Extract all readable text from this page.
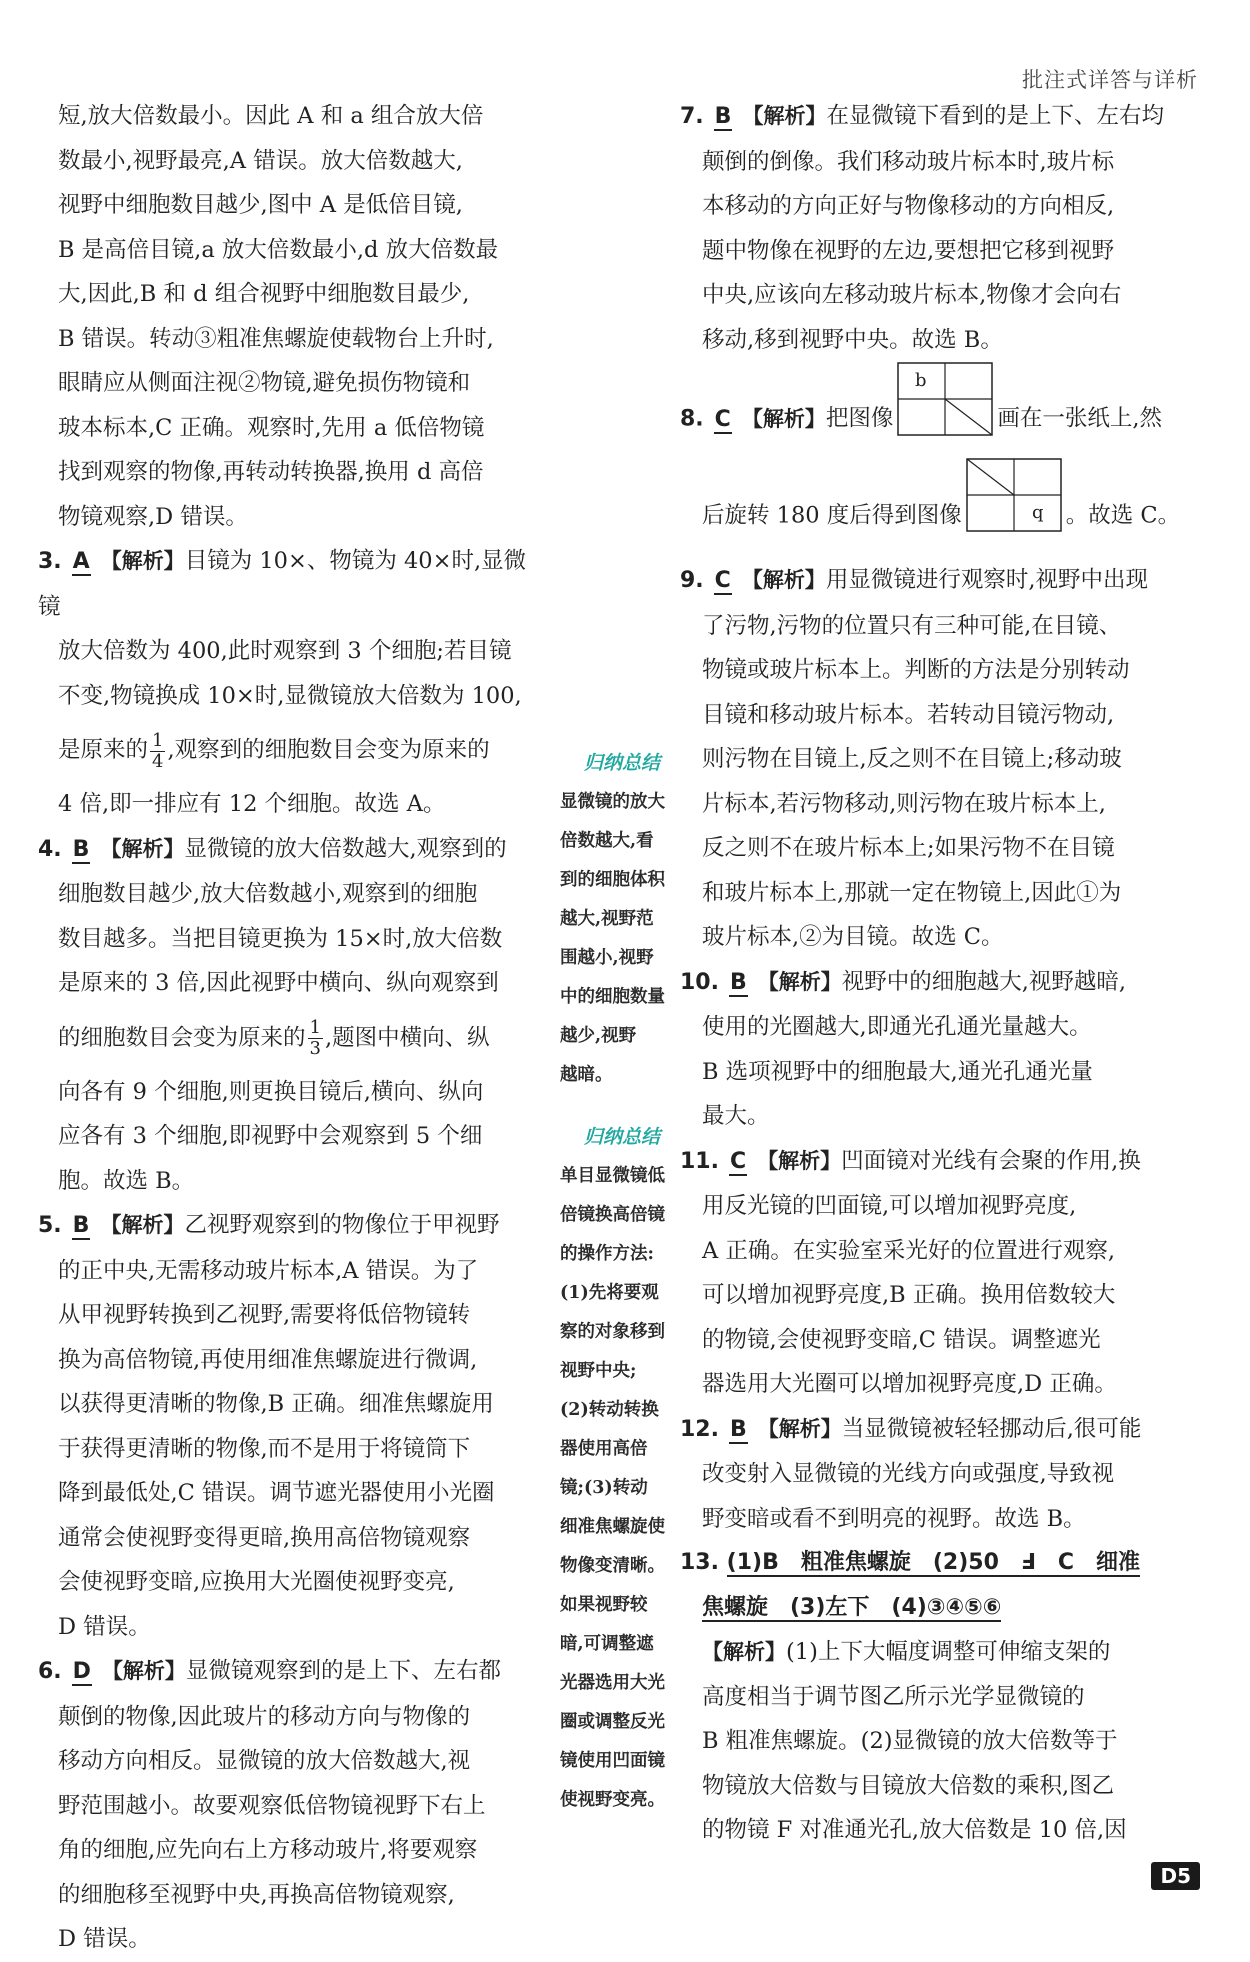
批注式详答与详析
短,放大倍数最小。因此 A 和 a 组合放大倍
数最小,视野最亮,A 错误。放大倍数越大,
视野中细胞数目越少,图中 A 是低倍目镜,
B 是高倍目镜,a 放大倍数最小,d 放大倍数最
大,因此,B 和 d 组合视野中细胞数目最少,
B 错误。转动③粗准焦螺旋使载物台上升时,
眼睛应从侧面注视②物镜,避免损伤物镜和
玻本标本,C 正确。观察时,先用 a 低倍物镜
找到观察的物像,再转动转换器,换用 d 高倍
物镜观察,D 错误。
3. A 【解析】目镜为 10×、物镜为 40×时,显微镜
放大倍数为 400,此时观察到 3 个细胞;若目镜
不变,物镜换成 10×时,显微镜放大倍数为 100,
是原来的 $\frac{1}{4}$ ,观察到的细胞数目会变为原来的
4 倍,即一排应有 12 个细胞。故选 A。
4. B 【解析】显微镜的放大倍数越大,观察到的
细胞数目越少,放大倍数越小,观察到的细胞
数目越多。当把目镜更换为 15×时,放大倍数
是原来的 3 倍,因此视野中横向、纵向观察到
的细胞数目会变为原来的 $\frac{1}{3}$ ,题图中横向、纵
向各有 9 个细胞,则更换目镜后,横向、纵向
应各有 3 个细胞,即视野中会观察到 5 个细
胞。故选 B。
5. B 【解析】乙视野观察到的物像位于甲视野
的正中央,无需移动玻片标本,A 错误。为了
从甲视野转换到乙视野,需要将低倍物镜转
换为高倍物镜,再使用细准焦螺旋进行微调,
以获得更清晰的物像,B 正确。细准焦螺旋用
于获得更清晰的物像,而不是用于将镜筒下
降到最低处,C 错误。调节遮光器使用小光圈
通常会使视野变得更暗,换用高倍物镜观察
会使视野变暗,应换用大光圈使视野变亮,
D 错误。
6. D 【解析】显微镜观察到的是上下、左右都
颠倒的物像,因此玻片的移动方向与物像的
移动方向相反。显微镜的放大倍数越大,视
野范围越小。故要观察低倍物镜视野下右上
角的细胞,应先向右上方移动玻片,将要观察
的细胞移至视野中央,再换高倍物镜观察,
D 错误。
归纳总结
显微镜的放大
倍数越大,看
到的细胞体积
越大,视野范
围越小,视野
中的细胞数量
越少,视野
越暗。
归纳总结
单目显微镜低
倍镜换高倍镜
的操作方法:
(1)先将要观
察的对象移到
视野中央;
(2)转动转换
器使用高倍
镜;(3)转动
细准焦螺旋使
物像变清晰。
如果视野较
暗,可调整遮
光器选用大光
圈或调整反光
镜使用凹面镜
使视野变亮。
7. B 【解析】在显微镜下看到的是上下、左右均
颠倒的倒像。我们移动玻片标本时,玻片标
本移动的方向正好与物像移动的方向相反,
题中物像在视野的左边,要想把它移到视野
中央,应该向左移动玻片标本,物像才会向右
移动,移到视野中央。故选 B。
8. C 【解析】把图像
b
画在一张纸上,然
后旋转 180 度后得到图像	q 。故选 C。
9. C 【解析】用显微镜进行观察时,视野中出现
了污物,污物的位置只有三种可能,在目镜、
物镜或玻片标本上。判断的方法是分别转动
目镜和移动玻片标本。若转动目镜污物动,
则污物在目镜上,反之则不在目镜上;移动玻
片标本,若污物移动,则污物在玻片标本上,
反之则不在玻片标本上;如果污物不在目镜
和玻片标本上,那就一定在物镜上,因此①为
玻片标本,②为目镜。故选 C。
10. B 【解析】视野中的细胞越大,视野越暗,
使用的光圈越大,即通光孔通光量越大。
B 选项视野中的细胞最大,通光孔通光量
最大。
11. C 【解析】凹面镜对光线有会聚的作用,换
用反光镜的凹面镜,可以增加视野亮度,
A 正确。在实验室采光好的位置进行观察,
可以增加视野亮度,B 正确。换用倍数较大
的物镜,会使视野变暗,C 错误。调整遮光
器选用大光圈可以增加视野亮度,D 正确。
12. B 【解析】当显微镜被轻轻挪动后,很可能
改变射入显微镜的光线方向或强度,导致视
野变暗或看不到明亮的视野。故选 B。
13. (1)B　粗准焦螺旋　(2)50　Ⅎ　C　细准
焦螺旋　(3)左下　(4)③④⑤⑥
【解析】(1)上下大幅度调整可伸缩支架的
高度相当于调节图乙所示光学显微镜的
B 粗准焦螺旋。(2)显微镜的放大倍数等于
物镜放大倍数与目镜放大倍数的乘积,图乙
的物镜 F 对准通光孔,放大倍数是 10 倍,因
D5
